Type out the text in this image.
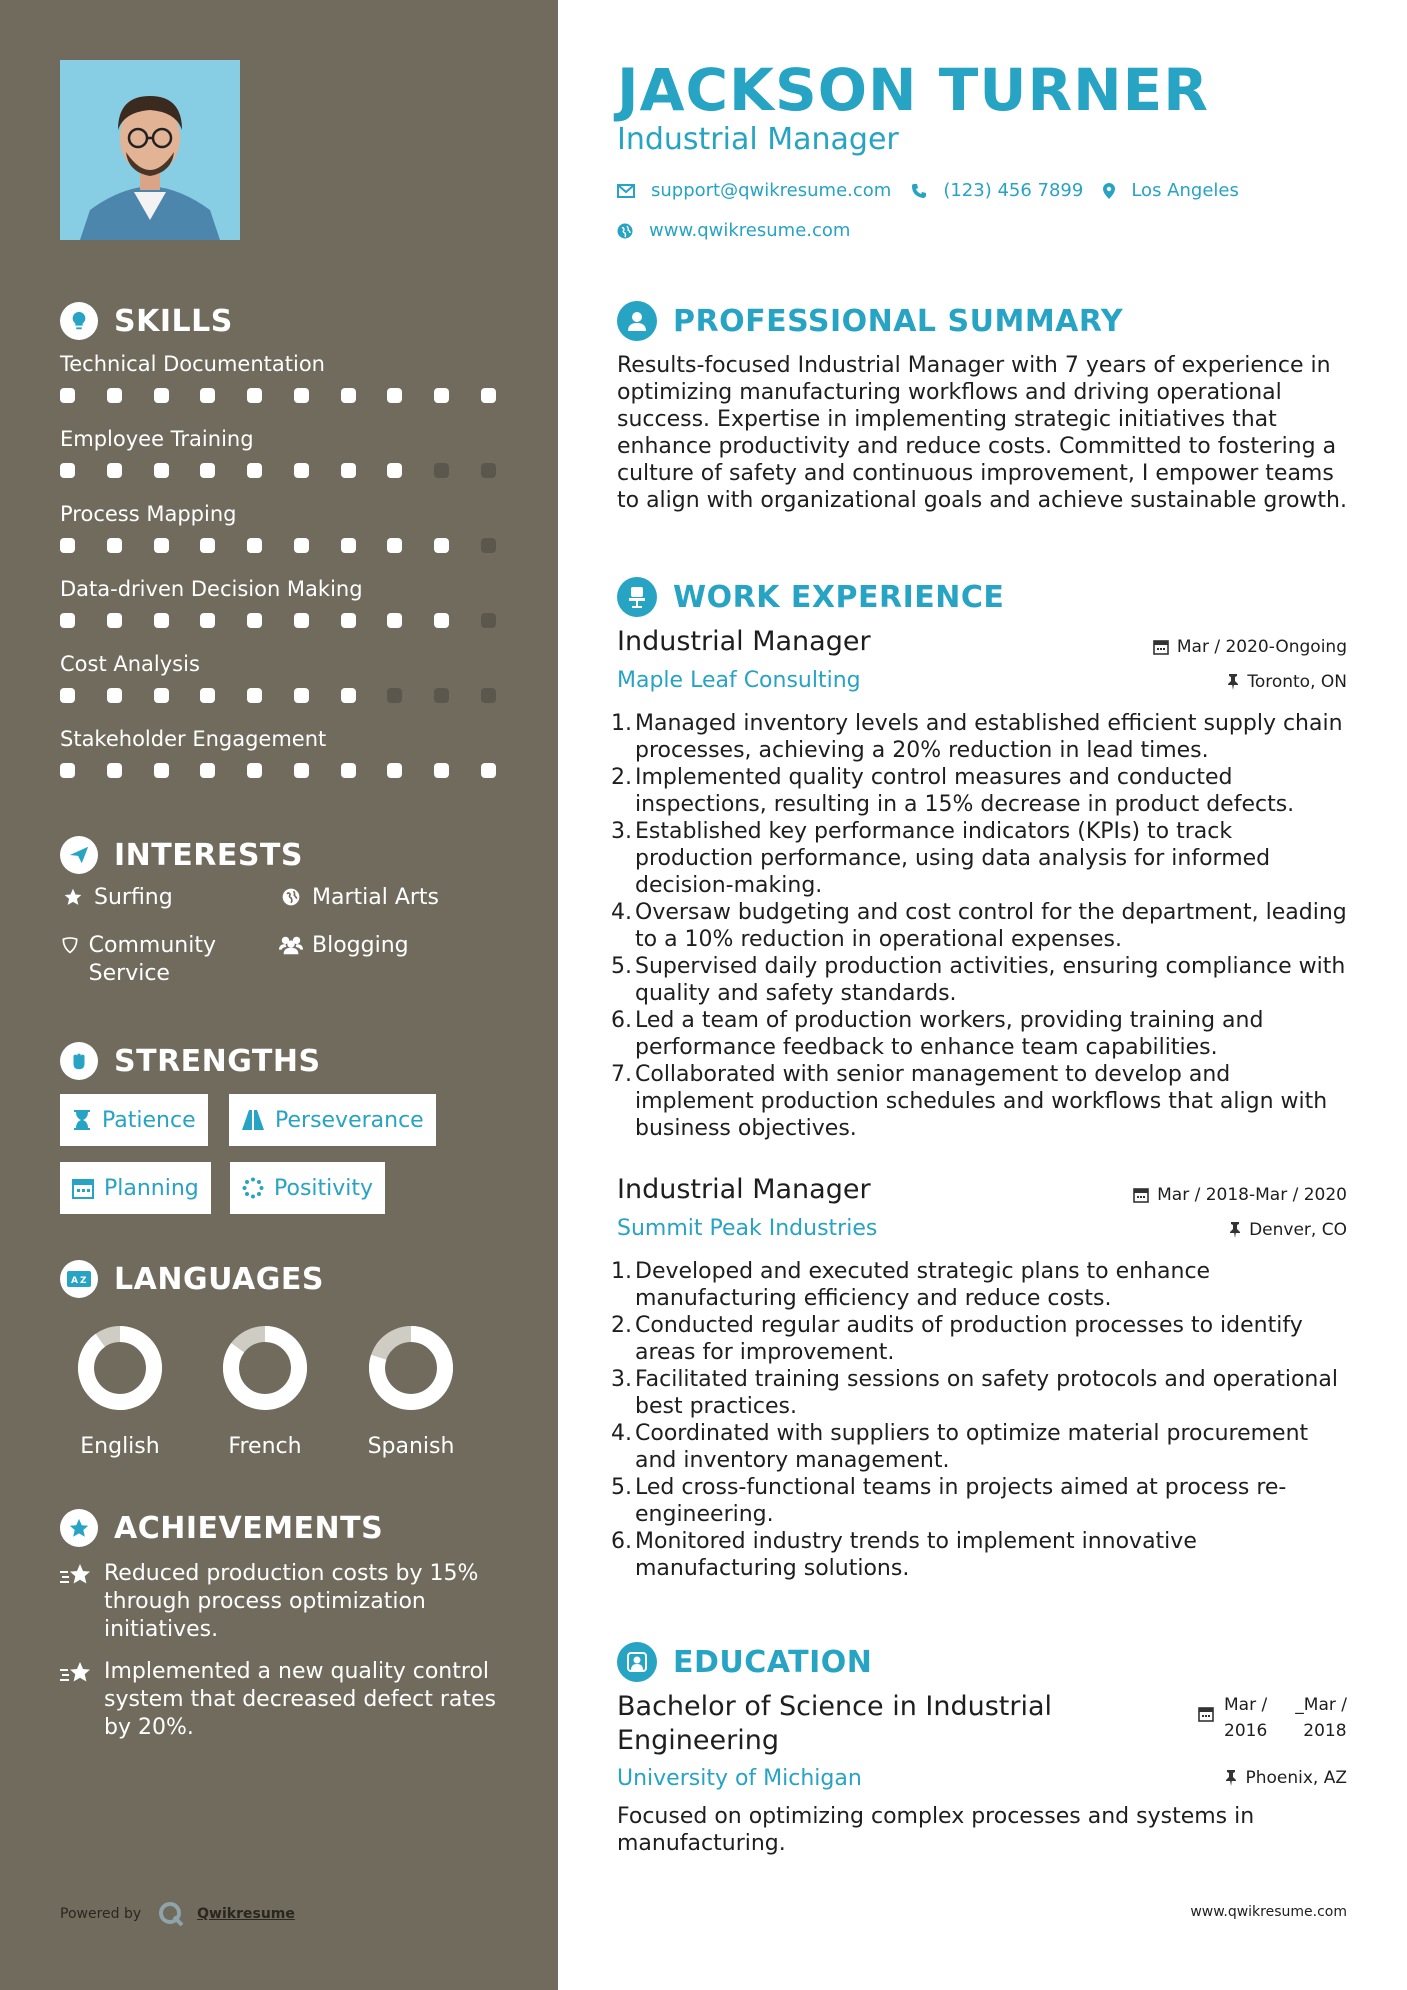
SKILLS
Technical Documentation
Employee Training
Process Mapping
Data-driven Decision Making
Cost Analysis
Stakeholder Engagement
INTERESTS
Surfing	Martial Arts
Community Service
Blogging
STRENGTHS
Patience	Perseverance
Planning	Positivity
A Z LANGUAGES
English	French	Spanish
ACHIEVEMENTS
Reduced production costs by 15% through process optimization initiatives.
Implemented a new quality control system that decreased defect rates by 20%.
Powered by	Qwikresume
JACKSON TURNER
Industrial Manager
support@qwikresume.com	(123) 456 7899	Los Angeles
www.qwikresume.com
PROFESSIONAL SUMMARY
Results-focused Industrial Manager with 7 years of experience in optimizing manufacturing workflows and driving operational success. Expertise in implementing strategic initiatives that enhance productivity and reduce costs. Committed to fostering a culture of safety and continuous improvement, I empower teams to align with organizational goals and achieve sustainable growth.
WORK EXPERIENCE
Industrial Manager	Mar / 2020-Ongoing
Maple Leaf Consulting	Toronto, ON
1. Managed inventory levels and established efficient supply chain processes, achieving a 20% reduction in lead times.
2. Implemented quality control measures and conducted inspections, resulting in a 15% decrease in product defects.
3. Established key performance indicators (KPIs) to track production performance, using data analysis for informed decision-making.
4. Oversaw budgeting and cost control for the department, leading to a 10% reduction in operational expenses.
5. Supervised daily production activities, ensuring compliance with quality and safety standards.
6. Led a team of production workers, providing training and performance feedback to enhance team capabilities.
7. Collaborated with senior management to develop and implement production schedules and workflows that align with business objectives.
Industrial Manager	Mar / 2018-Mar / 2020
Summit Peak Industries	Denver, CO
1. Developed and executed strategic plans to enhance manufacturing efficiency and reduce costs.
2. Conducted regular audits of production processes to identify areas for improvement.
3. Facilitated training sessions on safety protocols and operational best practices.
4. Coordinated with suppliers to optimize material procurement and inventory management.
5. Led cross-functional teams in projects aimed at process re-engineering.
6. Monitored industry trends to implement innovative manufacturing solutions.
EDUCATION
Bachelor of Science in Industrial Engineering
Mar /
2016
_Mar /
2018
University of Michigan	Phoenix, AZ
Focused on optimizing complex processes and systems in manufacturing.
www.qwikresume.com
